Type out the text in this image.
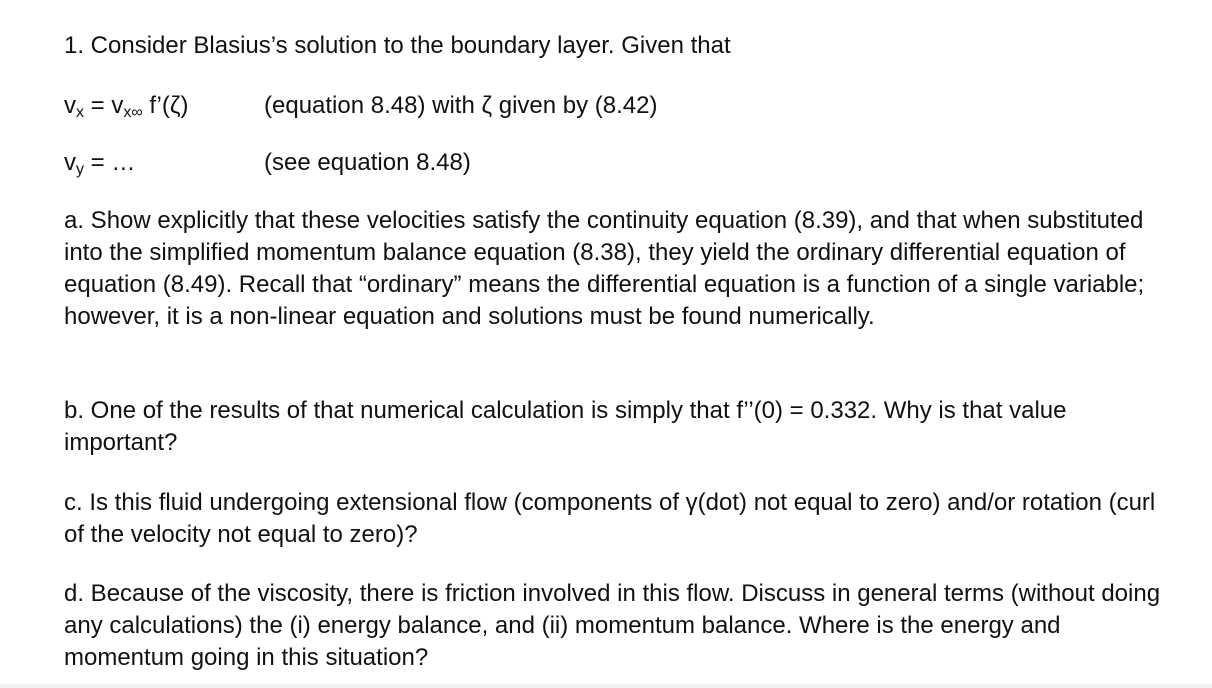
1. Consider Blasius’s solution to the boundary layer. Given that
$v_x = v_{x\infty}$ f’(ζ)	(equation 8.48) with ζ given by (8.42)
$v_y$ = …	(see equation 8.48)

a. Show explicitly that these velocities satisfy the continuity equation (8.39), and that when substituted into the simplified momentum balance equation (8.38), they yield the ordinary differential equation of equation (8.49). Recall that “ordinary” means the differential equation is a function of a single variable; however, it is a non-linear equation and solutions must be found numerically.

b. One of the results of that numerical calculation is simply that f’’(0) = 0.332. Why is that value important?

c. Is this fluid undergoing extensional flow (components of γ(dot) not equal to zero) and/or rotation (curl of the velocity not equal to zero)?

d. Because of the viscosity, there is friction involved in this flow. Discuss in general terms (without doing any calculations) the (i) energy balance, and (ii) momentum balance. Where is the energy and momentum going in this situation?
